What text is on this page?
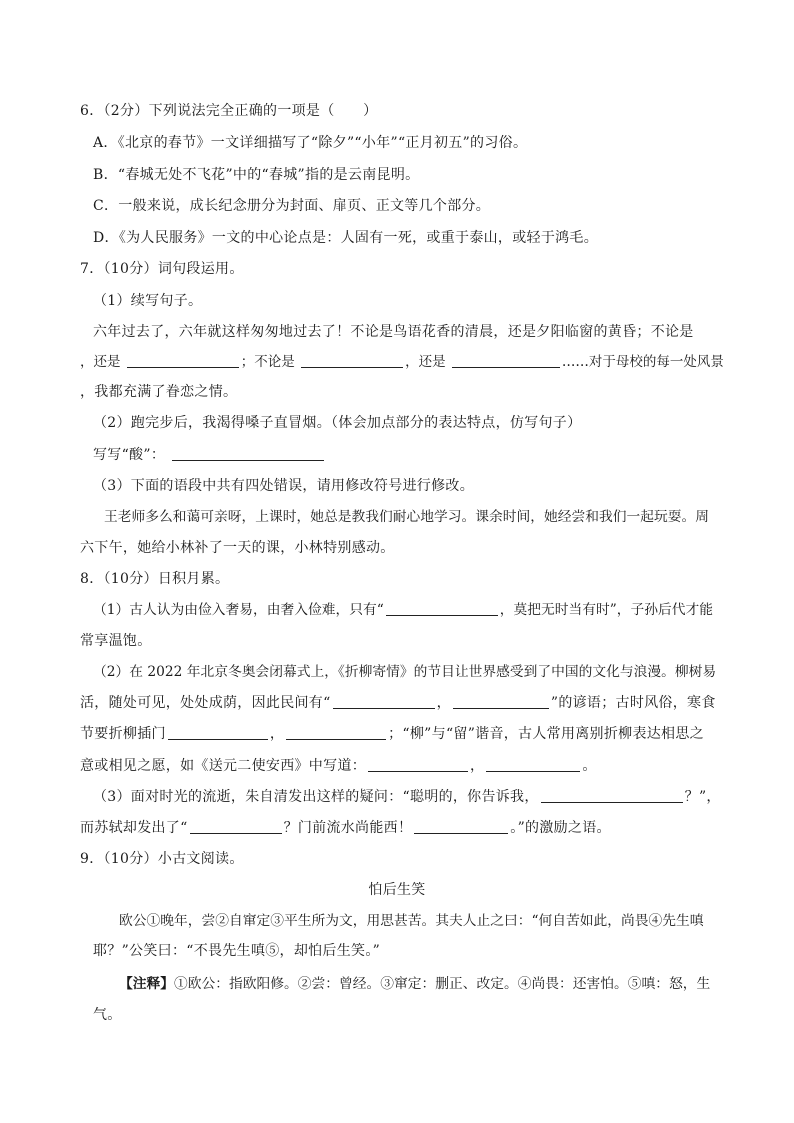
6．（2分）下列说法完全正确的一项是（　　）
A．《北京的春节》一文详细描写了“除夕”“小年”“正月初五”的习俗。
B．“春城无处不飞花”中的“春城”指的是云南昆明。
C．一般来说，成长纪念册分为封面、扉页、正文等几个部分。
D．《为人民服务》一文的中心论点是：人固有一死，或重于泰山，或轻于鸿毛。
7．（10分）词句段运用。
（1）续写句子。
六年过去了，六年就这样匆匆地过去了！不论是鸟语花香的清晨，还是夕阳临窗的黄昏；不论是
，还是	；不论是	，还是	……对于母校的每一处风景
，我都充满了眷恋之情。
（2）跑完步后，我渴得嗓子直冒烟。（体会加点部分的表达特点，仿写句子）
写写“酸”：
（3）下面的语段中共有四处错误，请用修改符号进行修改。
王老师多么和蔼可亲呀，上课时，她总是教我们耐心地学习。课余时间，她经尝和我们一起玩耍。周
六下午，她给小林补了一天的课，小林特别感动。
8．（10分）日积月累。
（1）古人认为由俭入奢易，由奢入俭难，只有“	，莫把无时当有时”，子孙后代才能
常享温饱。
（2）在 2022 年北京冬奥会闭幕式上，《折柳寄情》的节目让世界感受到了中国的文化与浪漫。柳树易
活，随处可见，处处成荫，因此民间有“	，	”的谚语；古时风俗，寒食
节要折柳插门	，	；“柳”与“留”谐音，古人常用离别折柳表达相思之
意或相见之愿，如《送元二使安西》中写道：	，	。
（3）面对时光的流逝，朱自清发出这样的疑问：“聪明的，你告诉我，	？”，
而苏轼却发出了“	？门前流水尚能西！	。”的激励之语。
9．（10分）小古文阅读。
怕后生笑
欧公①晚年，尝②自窜定③平生所为文，用思甚苦。其夫人止之曰：“何自苦如此，尚畏④先生嗔
耶？”公笑曰：“不畏先生嗔⑤，却怕后生笑。”
【注释】①欧公：指欧阳修。②尝：曾经。③窜定：删正、改定。④尚畏：还害怕。⑤嗔：怒，生
气。
